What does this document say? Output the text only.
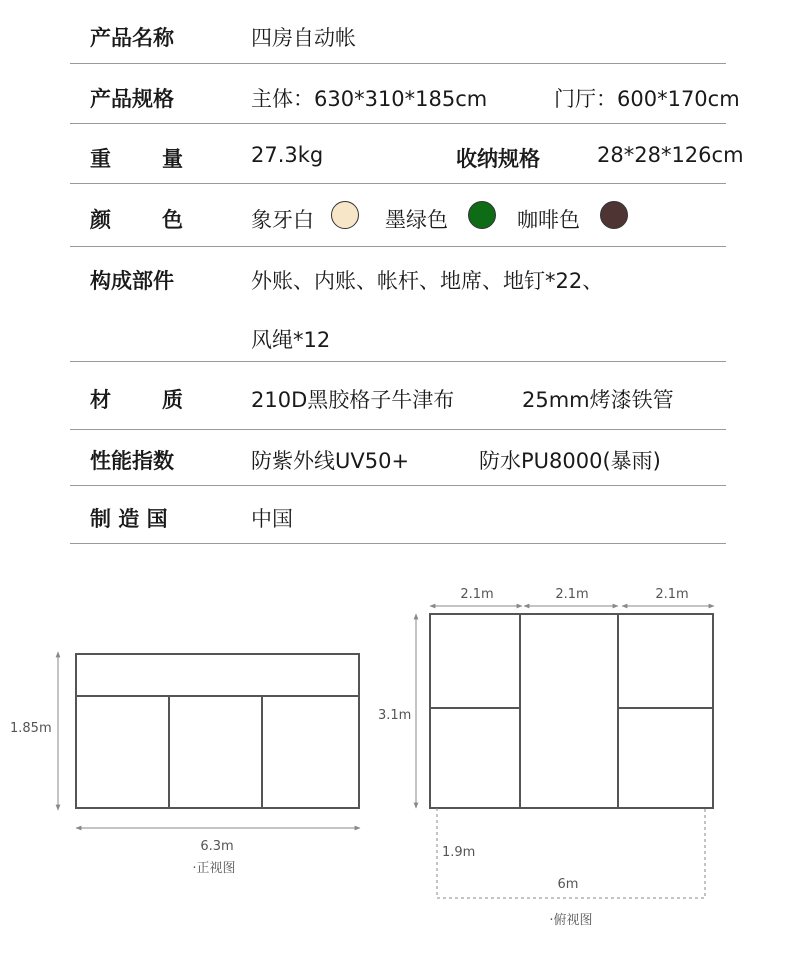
产品名称	四房自动帐
产品规格	主体：630*310*185cm	门厅：600*170cm
重 量	27.3kg	收纳规格	28*28*126cm
颜 色	象牙白	墨绿色	咖啡色
构成部件	外账、内账、帐杆、地席、地钉*22、
风绳*12
材 质	210D黑胶格子牛津布	25mm烤漆铁管
性能指数	防紫外线UV50+	防水PU8000(暴雨)
制 造 国	中国
1.85m
6.3m
·正视图
2.1m	2.1m	2.1m
3.1m
1.9m
6m
·俯视图
